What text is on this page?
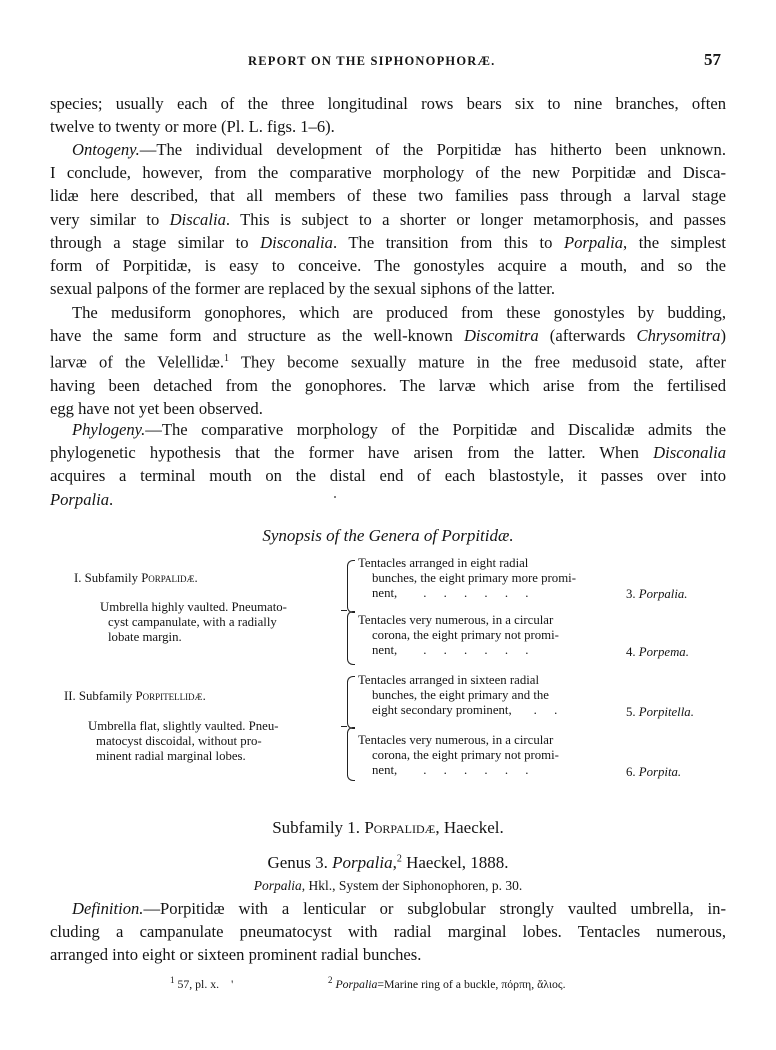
REPORT ON THE SIPHONOPHORÆ.	57
species; usually each of the three longitudinal rows bears six to nine branches, often
twelve to twenty or more (Pl. L. figs. 1–6).
Ontogeny.—The individual development of the Porpitidæ has hitherto been unknown.
I conclude, however, from the comparative morphology of the new Porpitidæ and Disca-
lidæ here described, that all members of these two families pass through a larval stage
very similar to Discalia. This is subject to a shorter or longer metamorphosis, and passes
through a stage similar to Disconalia. The transition from this to Porpalia, the simplest
form of Porpitidæ, is easy to conceive. The gonostyles acquire a mouth, and so the
sexual palpons of the former are replaced by the sexual siphons of the latter.
The medusiform gonophores, which are produced from these gonostyles by budding,
have the same form and structure as the well-known Discomitra (afterwards Chrysomitra)
larvæ of the Velellidæ.$^1$ They become sexually mature in the free medusoid state, after
having been detached from the gonophores. The larvæ which arise from the fertilised
egg have not yet been observed.
Phylogeny.—The comparative morphology of the Porpitidæ and Discalidæ admits the
phylogenetic hypothesis that the former have arisen from the latter. When Disconalia
acquires a terminal mouth on the distal end of each blastostyle, it passes over into
Porpalia.
Synopsis of the Genera of Porpitidæ.
I. Subfamily Porpalidæ.
Umbrella highly vaulted. Pneumato-
cyst campanulate, with a radially
lobate margin.
Tentacles arranged in eight radial
bunches, the eight primary more promi-
nent, . . . . . .	3. Porpalia.
Tentacles very numerous, in a circular
corona, the eight primary not promi-
nent, . . . . . .	4. Porpema.
II. Subfamily Porpitellidæ.
Umbrella flat, slightly vaulted. Pneu-
matocyst discoidal, without pro-
minent radial marginal lobes.
Tentacles arranged in sixteen radial
bunches, the eight primary and the
eight secondary prominent, . .	5. Porpitella.
Tentacles very numerous, in a circular
corona, the eight primary not promi-
nent, . . . . . .	6. Porpita.
Subfamily 1. Porpalidæ, Haeckel.
Genus 3. Porpalia,$^2$ Haeckel, 1888.
Porpalia, Hkl., System der Siphonophoren, p. 30.
Definition.—Porpitidæ with a lenticular or subglobular strongly vaulted umbrella, in-
cluding a campanulate pneumatocyst with radial marginal lobes. Tentacles numerous,
arranged into eight or sixteen prominent radial bunches.
$^1$ 57, pl. x. '	$^2$ Porpalia=Marine ring of a buckle, πόρπη, ἅλιος.
